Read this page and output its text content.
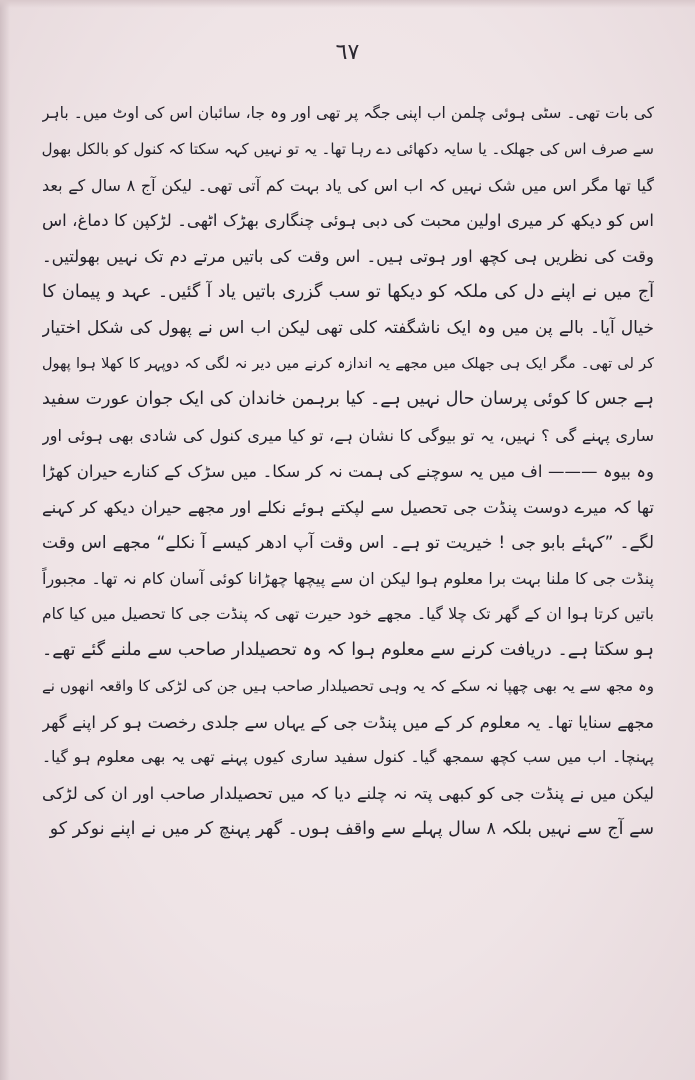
٦٧
کی بات تھی۔ سٹی ہوئی چلمن اب اپنی جگہ پر تھی اور وہ جا، سائبان اس کی اوٹ میں۔ باہر
سے صرف اس کی جھلک۔ یا سایہ دکھائی دے رہا تھا۔ یہ تو نہیں کہہ سکتا کہ کنول کو بالکل بھول
گیا تھا مگر اس میں شک نہیں کہ اب اس کی یاد بہت کم آتی تھی۔ لیکن آج ۸ سال کے بعد
اس کو دیکھ کر میری اولین محبت کی دبی ہوئی چنگاری بھڑک اٹھی۔ لڑکپن کا دماغ، اس
وقت کی نظریں ہی کچھ اور ہوتی ہیں۔ اس وقت کی باتیں مرتے دم تک نہیں بھولتیں۔
آج میں نے اپنے دل کی ملکہ کو دیکھا تو سب گزری باتیں یاد آ گئیں۔ عہد و پیمان کا
خیال آیا۔ بالے پن میں وہ ایک ناشگفتہ کلی تھی لیکن اب اس نے پھول کی شکل اختیار
کر لی تھی۔ مگر ایک ہی جھلک میں مجھے یہ اندازہ کرنے میں دیر نہ لگی کہ دوپہر کا کھلا ہوا پھول
ہے جس کا کوئی پرسان حال نہیں ہے۔ کیا برہمن خاندان کی ایک جوان عورت سفید
ساری پہنے گی ؟ نہیں، یہ تو بیوگی کا نشان ہے، تو کیا میری کنول کی شادی بھی ہوئی اور
وہ بیوہ ——— اف میں یہ سوچنے کی ہمت نہ کر سکا۔ میں سڑک کے کنارے حیران کھڑا
تھا کہ میرے دوست پنڈت جی تحصیل سے لپکتے ہوئے نکلے اور مجھے حیران دیکھ کر کہنے
لگے۔ ”کہئے بابو جی ! خیریت تو ہے۔ اس وقت آپ ادھر کیسے آ نکلے“ مجھے اس وقت
پنڈت جی کا ملنا بہت برا معلوم ہوا لیکن ان سے پیچھا چھڑانا کوئی آسان کام نہ تھا۔ مجبوراً
باتیں کرتا ہوا ان کے گھر تک چلا گیا۔ مجھے خود حیرت تھی کہ پنڈت جی کا تحصیل میں کیا کام
ہو سکتا ہے۔ دریافت کرنے سے معلوم ہوا کہ وہ تحصیلدار صاحب سے ملنے گئے تھے۔
وہ مجھ سے یہ بھی چھپا نہ سکے کہ یہ وہی تحصیلدار صاحب ہیں جن کی لڑکی کا واقعہ انھوں نے
مجھے سنایا تھا۔ یہ معلوم کر کے میں پنڈت جی کے یہاں سے جلدی رخصت ہو کر اپنے گھر
پہنچا۔ اب میں سب کچھ سمجھ گیا۔ کنول سفید ساری کیوں پہنے تھی یہ بھی معلوم ہو گیا۔
لیکن میں نے پنڈت جی کو کبھی پتہ نہ چلنے دیا کہ میں تحصیلدار صاحب اور ان کی لڑکی
سے آج سے نہیں بلکہ ۸ سال پہلے سے واقف ہوں۔ گھر پہنچ کر میں نے اپنے نوکر کو
